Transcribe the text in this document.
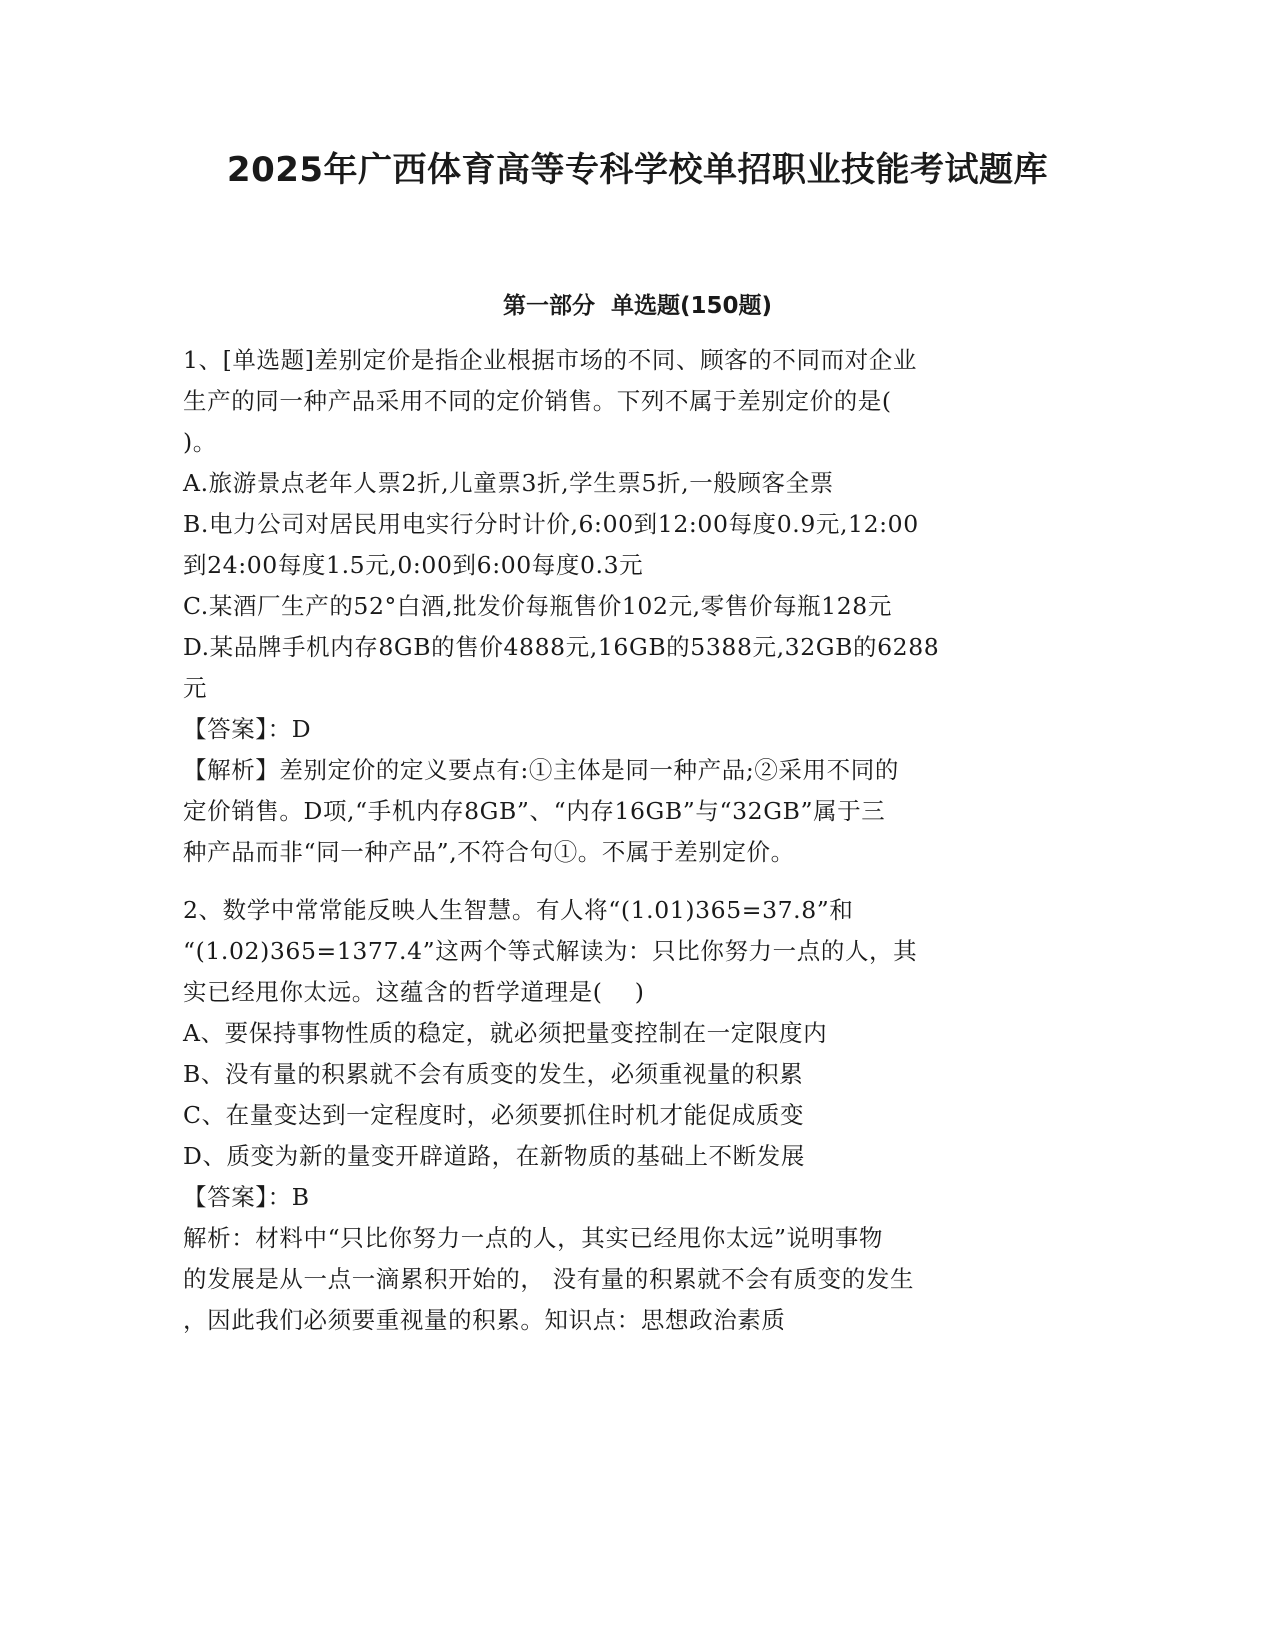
2025年广西体育高等专科学校单招职业技能考试题库
第一部分  单选题(150题)
1、[单选题]差别定价是指企业根据市场的不同、顾客的不同而对企业
生产的同一种产品采用不同的定价销售。下列不属于差别定价的是(
)。
A.旅游景点老年人票2折,儿童票3折,学生票5折,一般顾客全票
B.电力公司对居民用电实行分时计价,6:00到12:00每度0.9元,12:00
到24:00每度1.5元,0:00到6:00每度0.3元
C.某酒厂生产的52°白酒,批发价每瓶售价102元,零售价每瓶128元
D.某品牌手机内存8GB的售价4888元,16GB的5388元,32GB的6288
元
【答案】：D
【解析】差别定价的定义要点有:①主体是同一种产品;②采用不同的
定价销售。D项,“手机内存8GB”、“内存16GB”与“32GB”属于三
种产品而非“同一种产品”,不符合句①。不属于差别定价。
2、数学中常常能反映人生智慧。有人将“(1.01)365=37.8”和
“(1.02)365=1377.4”这两个等式解读为：只比你努力一点的人，其
实已经甩你太远。这蕴含的哲学道理是(    )
A、要保持事物性质的稳定，就必须把量变控制在一定限度内
B、没有量的积累就不会有质变的发生，必须重视量的积累
C、在量变达到一定程度时，必须要抓住时机才能促成质变
D、质变为新的量变开辟道路，在新物质的基础上不断发展
【答案】：B
解析：材料中“只比你努力一点的人，其实已经甩你太远”说明事物
的发展是从一点一滴累积开始的， 没有量的积累就不会有质变的发生
，因此我们必须要重视量的积累。知识点：思想政治素质
